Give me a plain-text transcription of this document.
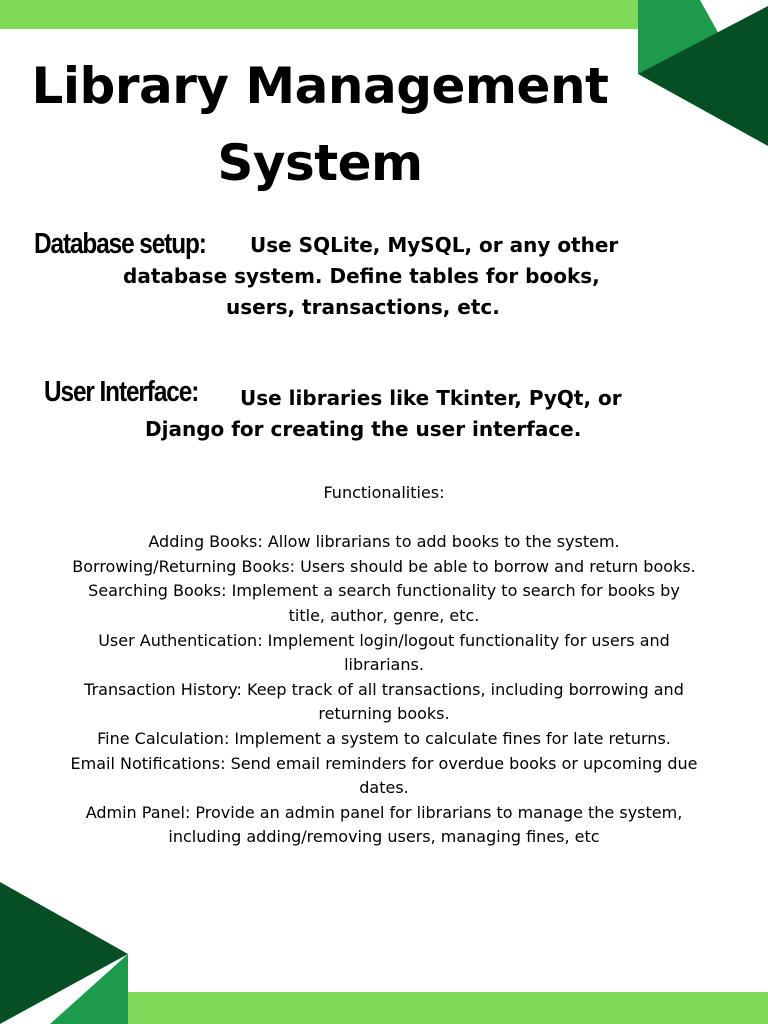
Library Management
System
Database setup: Use SQLite, MySQL, or any other
database system. Define tables for books,
users, transactions, etc.
User Interface: Use libraries like Tkinter, PyQt, or
Django for creating the user interface.

Functionalities:

Adding Books: Allow librarians to add books to the system.

Borrowing/Returning Books: Users should be able to borrow and return books.

Searching Books: Implement a search functionality to search for books by

title, author, genre, etc.

User Authentication: Implement login/logout functionality for users and

librarians.

Transaction History: Keep track of all transactions, including borrowing and

returning books.

Fine Calculation: Implement a system to calculate fines for late returns.

Email Notifications: Send email reminders for overdue books or upcoming due

dates.

Admin Panel: Provide an admin panel for librarians to manage the system,

including adding/removing users, managing fines, etc
